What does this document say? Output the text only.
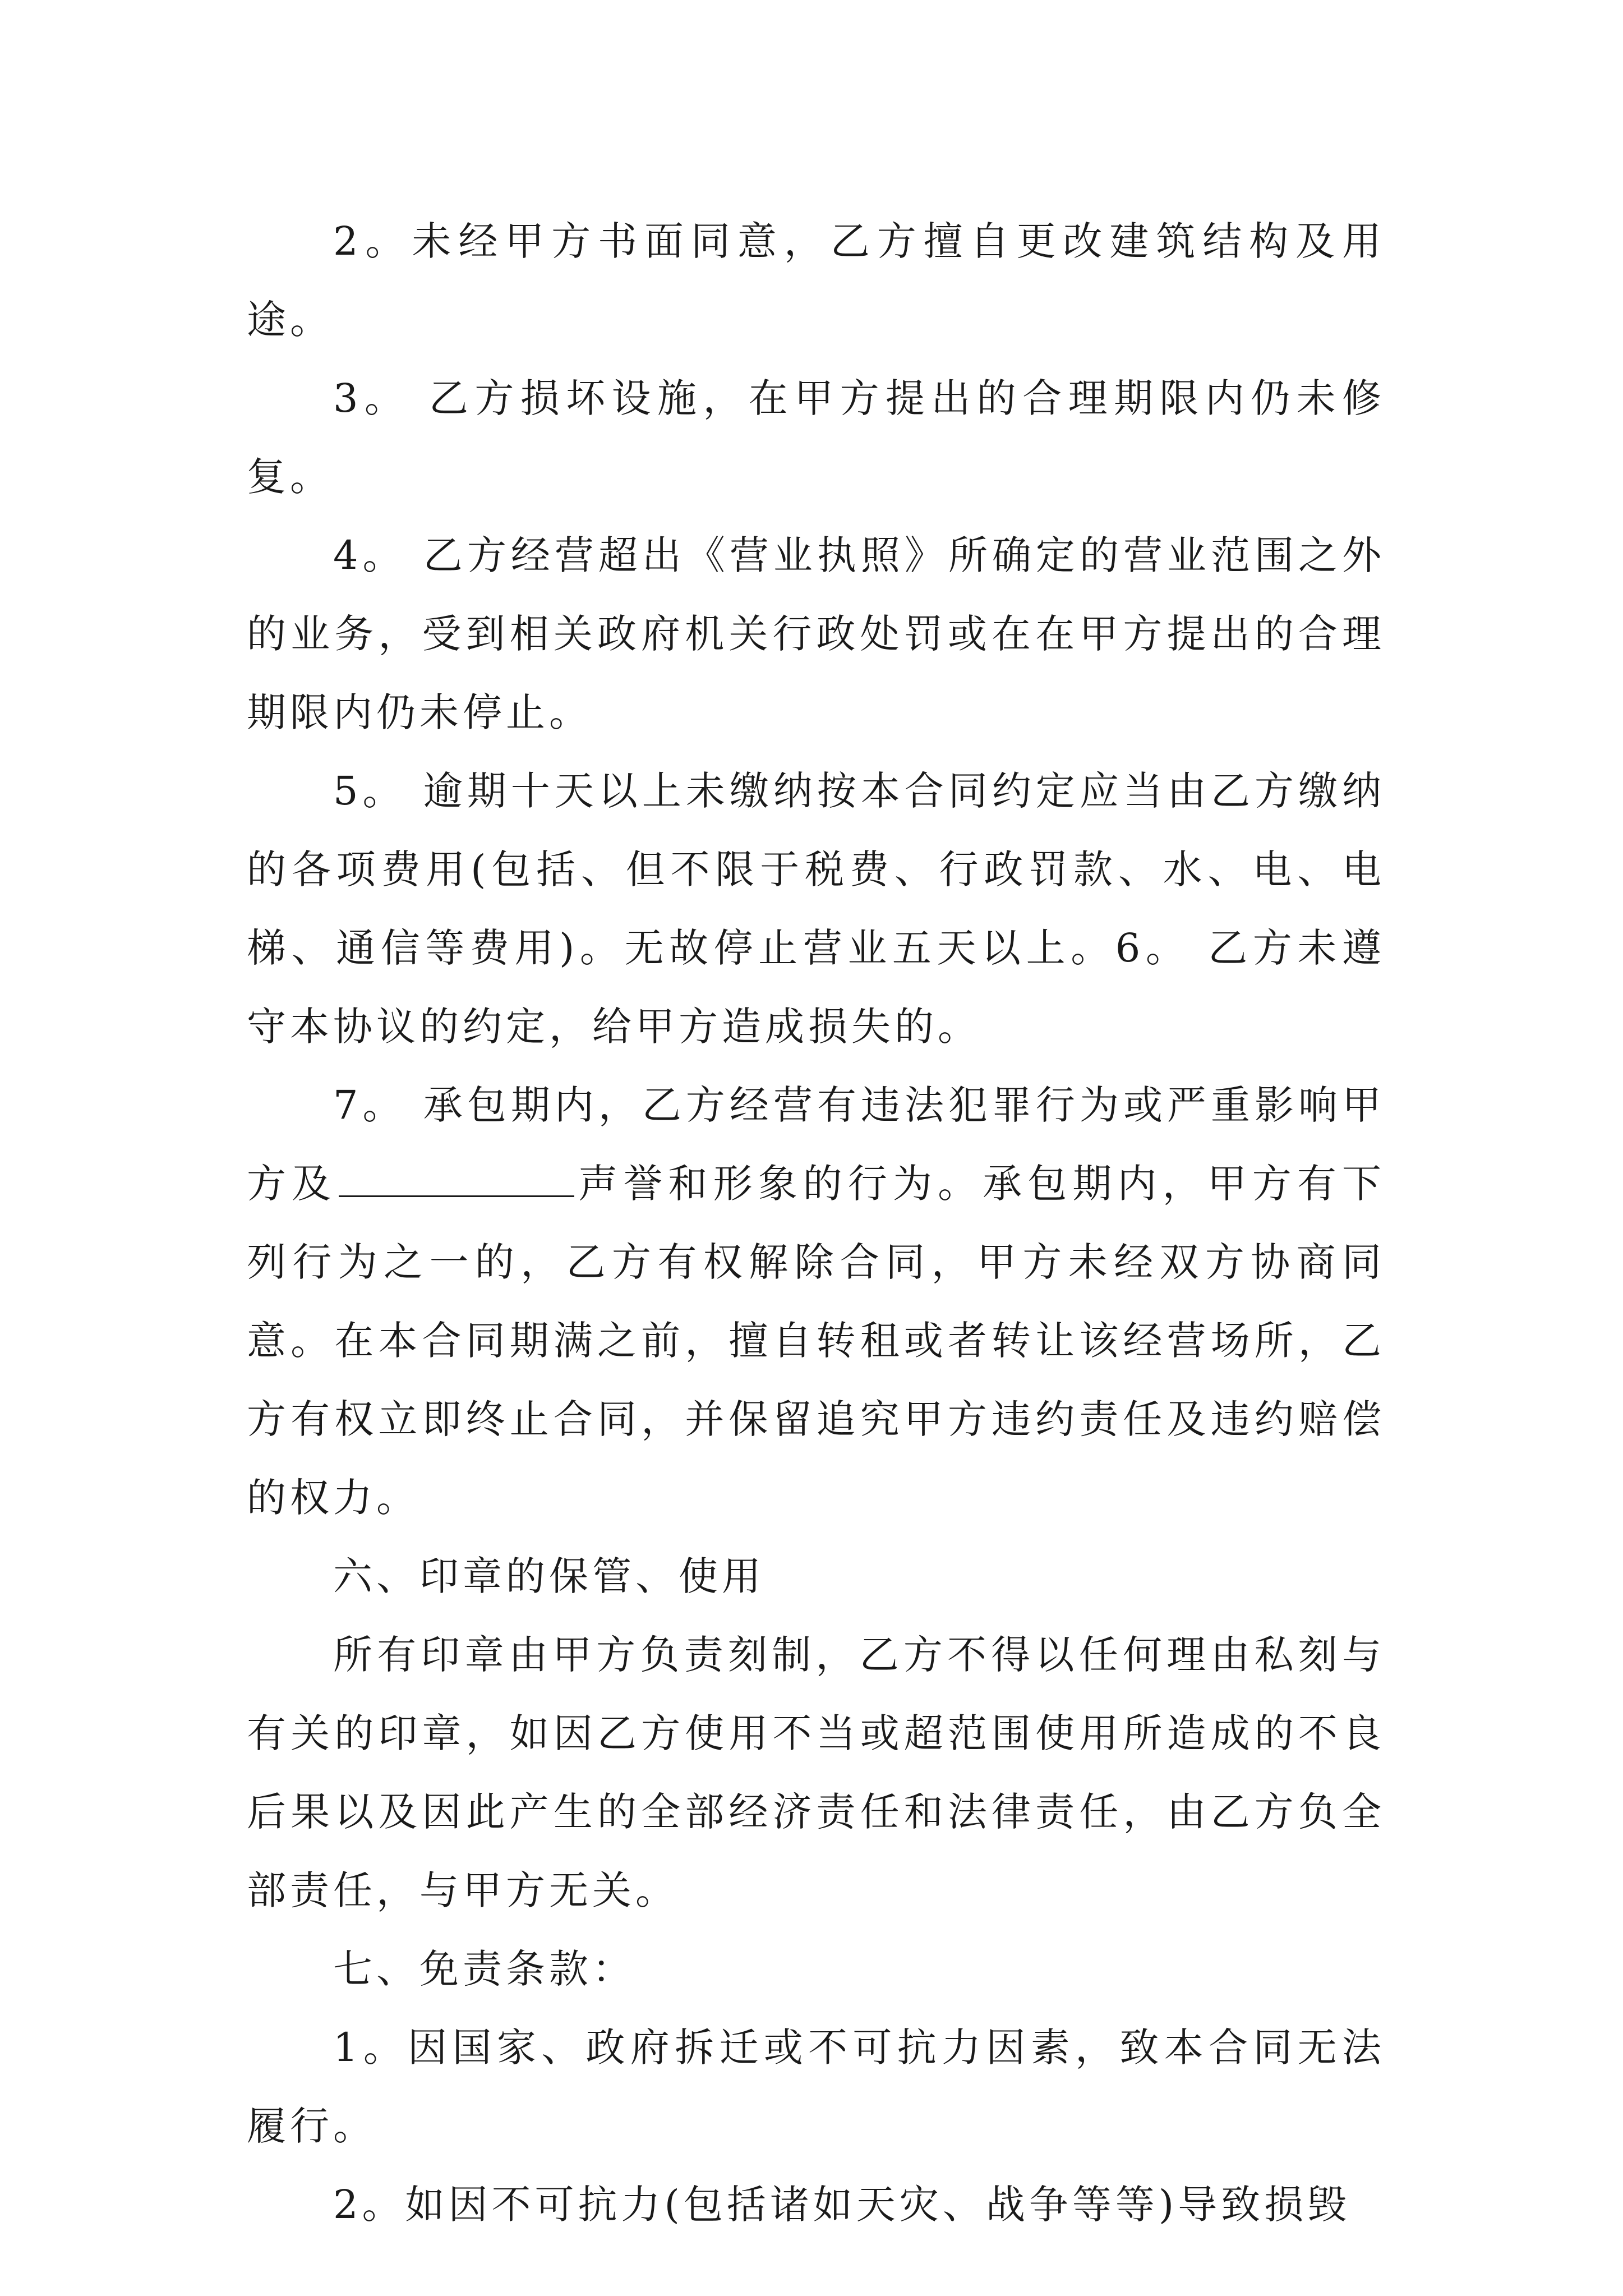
2。未经甲方书面同意，乙方擅自更改建筑结构及用途。

3。 乙方损坏设施，在甲方提出的合理期限内仍未修复。

4。 乙方经营超出《营业执照》所确定的营业范围之外的业务，受到相关政府机关行政处罚或在在甲方提出的合理期限内仍未停止。

5。 逾期十天以上未缴纳按本合同约定应当由乙方缴纳的各项费用(包括、但不限于税费、行政罚款、水、电、电梯、通信等费用)。无故停止营业五天以上。6。 乙方未遵守本协议的约定，给甲方造成损失的。

7。 承包期内，乙方经营有违法犯罪行为或严重影响甲方及	声誉和形象的行为。承包期内，甲方有下列行为之一的，乙方有权解除合同，甲方未经双方协商同意。在本合同期满之前，擅自转租或者转让该经营场所，乙方有权立即终止合同，并保留追究甲方违约责任及违约赔偿的权力。

六、印章的保管、使用

所有印章由甲方负责刻制，乙方不得以任何理由私刻与有关的印章，如因乙方使用不当或超范围使用所造成的不良后果以及因此产生的全部经济责任和法律责任，由乙方负全部责任，与甲方无关。

七、免责条款：

1。因国家、政府拆迁或不可抗力因素，致本合同无法履行。

2。如因不可抗力(包括诸如天灾、战争等等)导致损毁
